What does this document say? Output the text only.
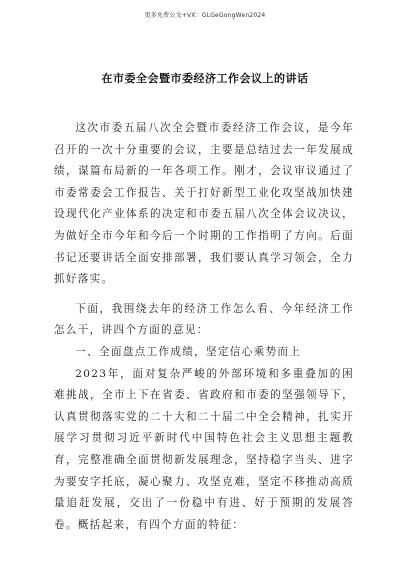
更多免费公文+VX：GLGeGongWen2024
在市委全会暨市委经济工作会议上的讲话

这次市委五届八次全会暨市委经济工作会议，是今年召开的一次十分重要的会议，主要是总结过去一年发展成绩，谋篇布局新的一年各项工作。刚才，会议审议通过了市委常委会工作报告、关于打好新型工业化攻坚战加快建设现代化产业体系的决定和市委五届八次全体会议决议，为做好全市今年和今后一个时期的工作指明了方向。后面书记还要讲话全面安排部署，我们要认真学习领会，全力抓好落实。

下面，我围绕去年的经济工作怎么看、今年经济工作怎么干，讲四个方面的意见：

一、全面盘点工作成绩，坚定信心乘势而上

2023年，面对复杂严峻的外部环境和多重叠加的困难挑战，全市上下在省委、省政府和市委的坚强领导下，认真贯彻落实党的二十大和二十届二中全会精神，扎实开展学习贯彻习近平新时代中国特色社会主义思想主题教育，完整准确全面贯彻新发展理念，坚持稳字当头、进字为要安字托底，凝心聚力、攻坚克难，坚定不移推动高质量追赶发展，交出了一份稳中有进、好于预期的发展答卷。概括起来，有四个方面的特征：
